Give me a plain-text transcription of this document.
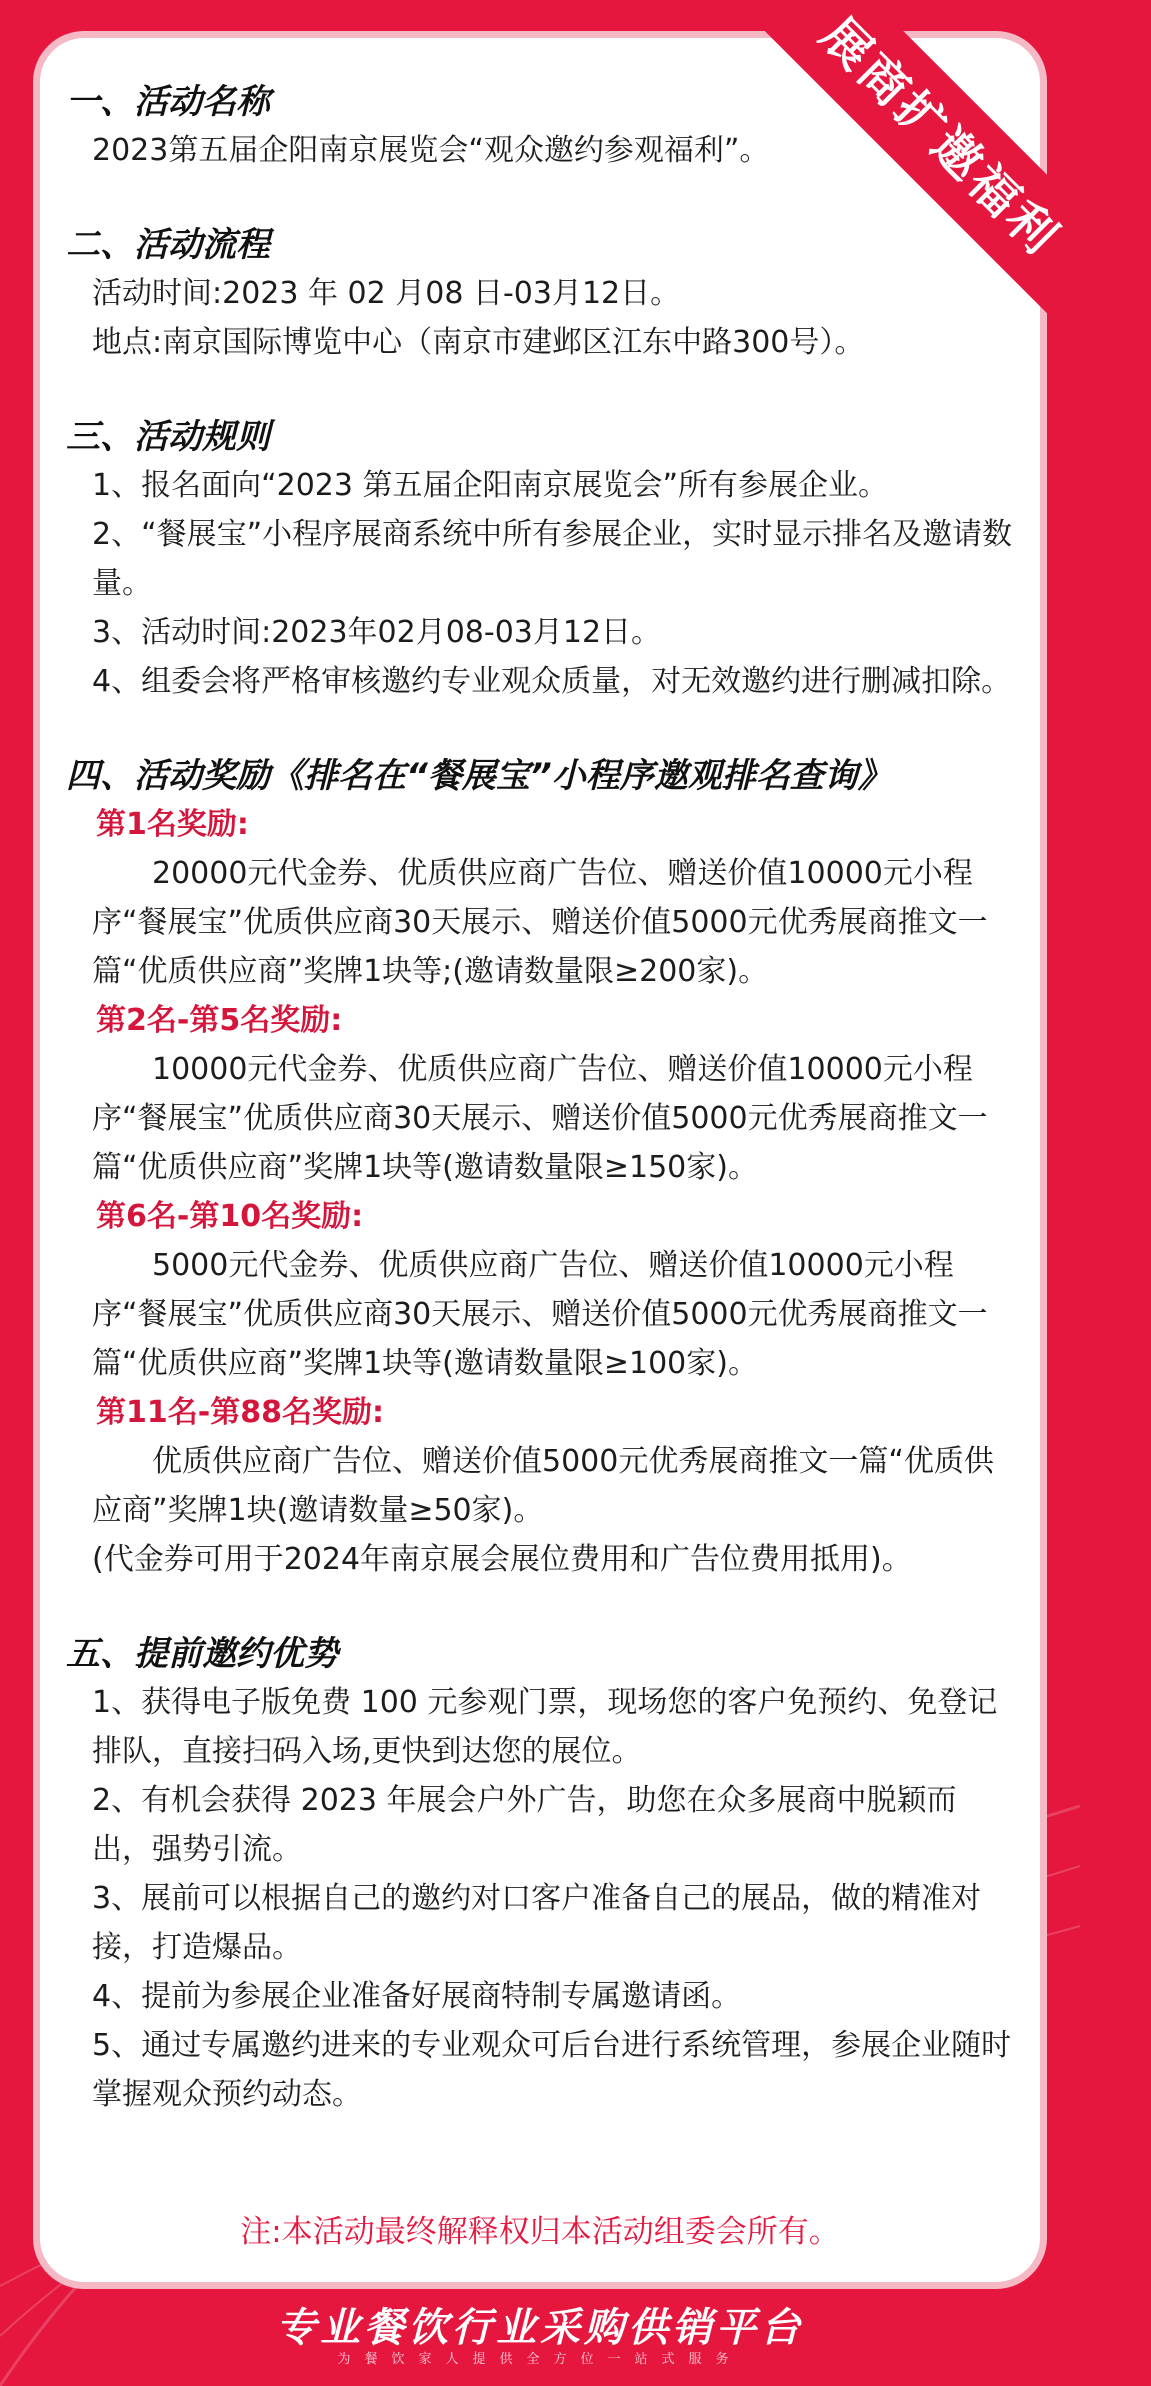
展商扩邀福利

一、活动名称

2023第五届企阳南京展览会“观众邀约参观福利”。

二、活动流程

活动时间:2023 年 02 月08 日-03月12日。
地点:南京国际博览中心（南京市建邺区江东中路300号）。

三、活动规则

1、报名面向“2023 第五届企阳南京展览会”所有参展企业。
2、“餐展宝”小程序展商系统中所有参展企业，实时显示排名及邀请数量。
3、活动时间:2023年02月08-03月12日。
4、组委会将严格审核邀约专业观众质量，对无效邀约进行删减扣除。

四、活动奖励《排名在“餐展宝”小程序邀观排名查询》

第1名奖励:
20000元代金券、优质供应商广告位、赠送价值10000元小程序“餐展宝”优质供应商30天展示、赠送价值5000元优秀展商推文一篇“优质供应商”奖牌1块等;(邀请数量限≥200家)。
第2名-第5名奖励:
10000元代金券、优质供应商广告位、赠送价值10000元小程序“餐展宝”优质供应商30天展示、赠送价值5000元优秀展商推文一篇“优质供应商”奖牌1块等(邀请数量限≥150家)。
第6名-第10名奖励:
5000元代金券、优质供应商广告位、赠送价值10000元小程序“餐展宝”优质供应商30天展示、赠送价值5000元优秀展商推文一篇“优质供应商”奖牌1块等(邀请数量限≥100家)。
第11名-第88名奖励:
优质供应商广告位、赠送价值5000元优秀展商推文一篇“优质供应商”奖牌1块(邀请数量≥50家)。
(代金券可用于2024年南京展会展位费用和广告位费用抵用)。

五、提前邀约优势

1、获得电子版免费 100 元参观门票，现场您的客户免预约、免登记排队，直接扫码入场,更快到达您的展位。
2、有机会获得 2023 年展会户外广告，助您在众多展商中脱颖而出，强势引流。
3、展前可以根据自己的邀约对口客户准备自己的展品，做的精准对接，打造爆品。
4、提前为参展企业准备好展商特制专属邀请函。
5、通过专属邀约进来的专业观众可后台进行系统管理，参展企业随时掌握观众预约动态。
注:本活动最终解释权归本活动组委会所有。
专业餐饮行业采购供销平台
为餐饮家人提供全方位一站式服务
